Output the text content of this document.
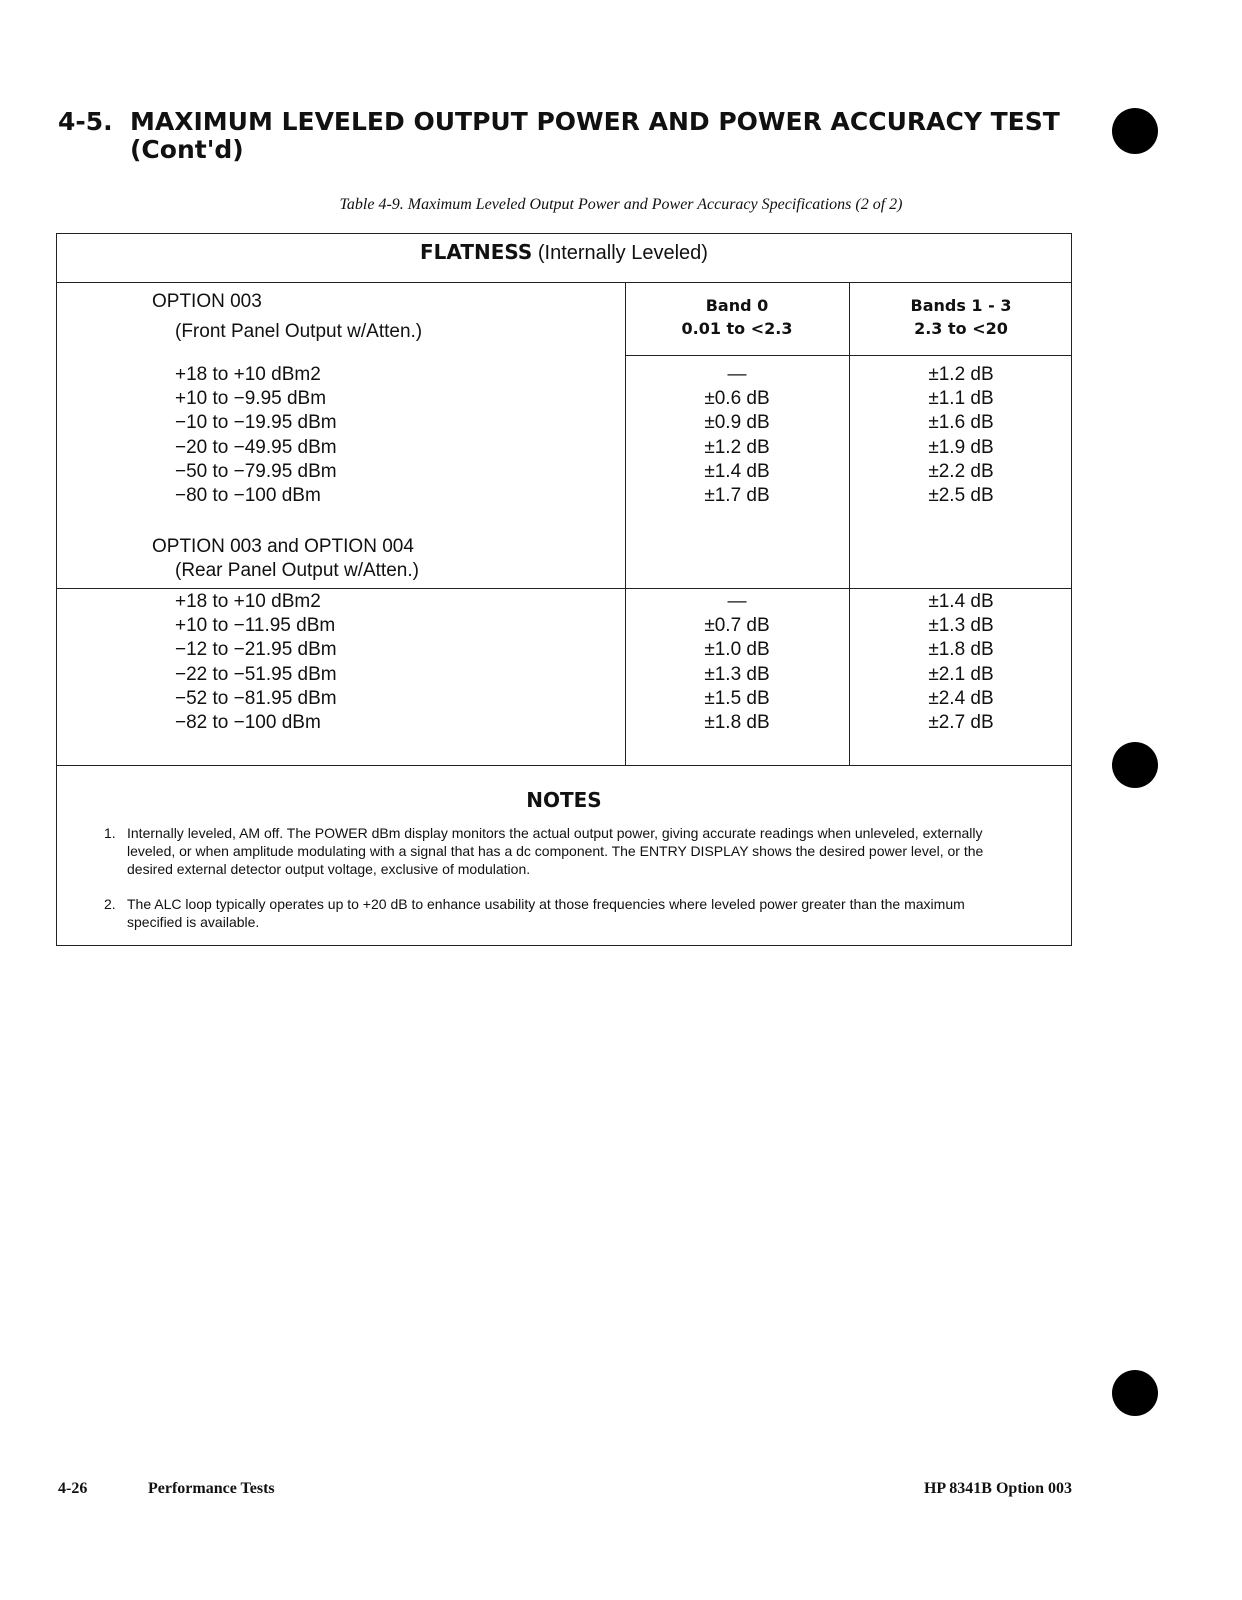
4-5. MAXIMUM LEVELED OUTPUT POWER AND POWER ACCURACY TEST
(Cont'd)
Table 4-9. Maximum Leveled Output Power and Power Accuracy Specifications (2 of 2)
FLATNESS (Internally Leveled)
OPTION 003
(Front Panel Output w/Atten.)
Band 0
0.01 to <2.3
Bands 1 - 3
2.3 to <20
+18 to +10 dBm2
+10 to −9.95 dBm
−10 to −19.95 dBm
−20 to −49.95 dBm
−50 to −79.95 dBm
−80 to −100 dBm
—
±0.6 dB
±0.9 dB
±1.2 dB
±1.4 dB
±1.7 dB
±1.2 dB
±1.1 dB
±1.6 dB
±1.9 dB
±2.2 dB
±2.5 dB
OPTION 003 and OPTION 004
(Rear Panel Output w/Atten.)
+18 to +10 dBm2
+10 to −11.95 dBm
−12 to −21.95 dBm
−22 to −51.95 dBm
−52 to −81.95 dBm
−82 to −100 dBm
—
±0.7 dB
±1.0 dB
±1.3 dB
±1.5 dB
±1.8 dB
±1.4 dB
±1.3 dB
±1.8 dB
±2.1 dB
±2.4 dB
±2.7 dB
NOTES
1. Internally leveled, AM off. The POWER dBm display monitors the actual output power, giving accurate readings when unleveled, externally leveled, or when amplitude modulating with a signal that has a dc component. The ENTRY DISPLAY shows the desired power level, or the desired external detector output voltage, exclusive of modulation.
2. The ALC loop typically operates up to +20 dB to enhance usability at those frequencies where leveled power greater than the maximum specified is available.
4-26	Performance Tests	HP 8341B Option 003
